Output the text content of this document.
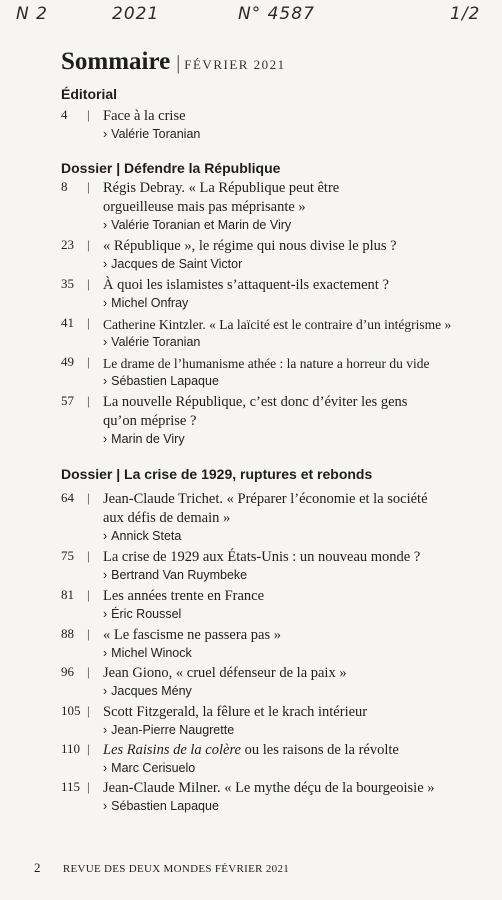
N 2	2021	N° 4587	1/2
Sommaire | FÉVRIER 2021
Éditorial
4	| Face à la crise
› Valérie Toranian
Dossier | Défendre la République
8	| Régis Debray. « La République peut être orgueilleuse mais pas méprisante »
› Valérie Toranian et Marin de Viry
23	| « République », le régime qui nous divise le plus ?
› Jacques de Saint Victor
35	| À quoi les islamistes s’attaquent-ils exactement ?
› Michel Onfray
41	| Catherine Kintzler. « La laïcité est le contraire d’un intégrisme »
› Valérie Toranian
49	| Le drame de l’humanisme athée : la nature a horreur du vide
› Sébastien Lapaque
57	| La nouvelle République, c’est donc d’éviter les gens qu’on méprise ?
› Marin de Viry
Dossier | La crise de 1929, ruptures et rebonds
64	| Jean-Claude Trichet. « Préparer l’économie et la société aux défis de demain »
› Annick Steta
75	| La crise de 1929 aux États-Unis : un nouveau monde ?
› Bertrand Van Ruymbeke
81	| Les années trente en France
› Éric Roussel
88	| « Le fascisme ne passera pas »
› Michel Winock
96	| Jean Giono, « cruel défenseur de la paix »
› Jacques Mény
105 | Scott Fitzgerald, la fêlure et le krach intérieur
› Jean-Pierre Naugrette
110 | Les Raisins de la colère ou les raisons de la révolte
› Marc Cerisuelo
115 | Jean-Claude Milner. « Le mythe déçu de la bourgeoisie »
› Sébastien Lapaque
2 REVUE DES DEUX MONDES FÉVRIER 2021
